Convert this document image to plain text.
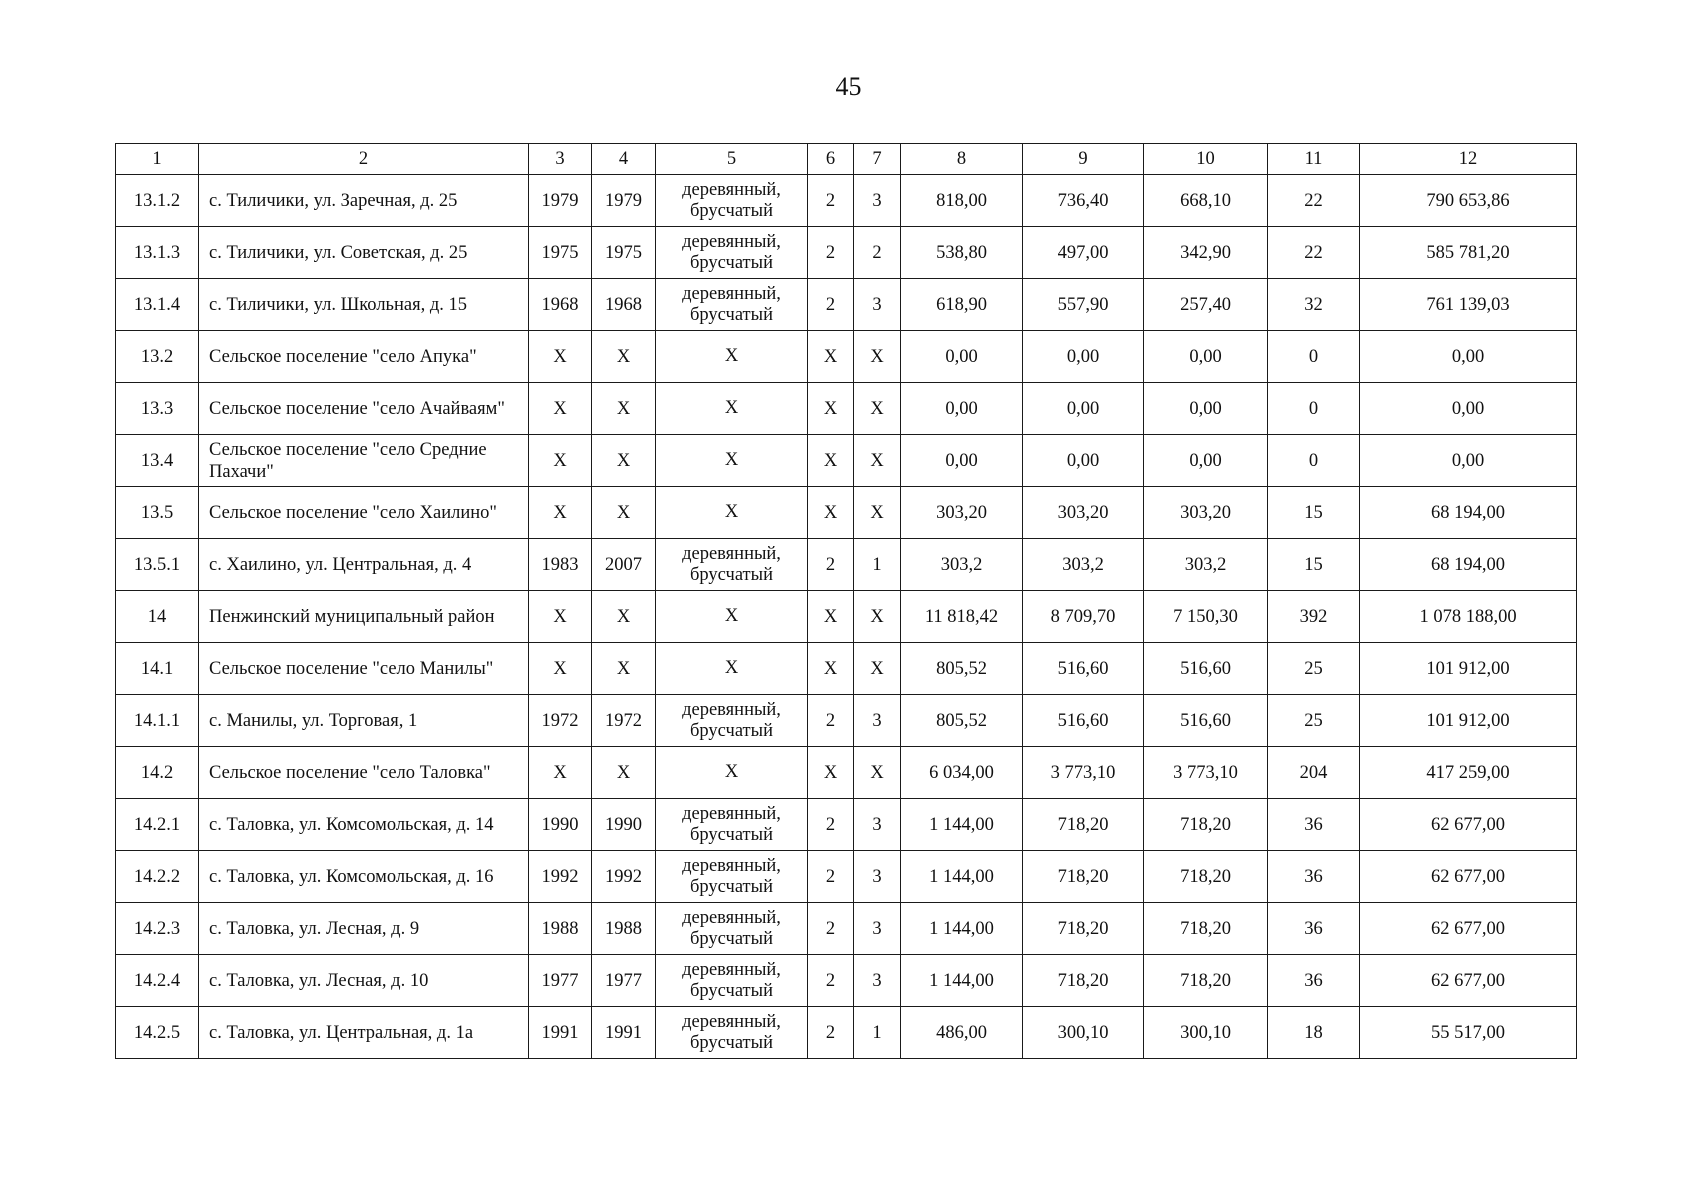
45
1	2	3	4	5	6	7	8	9	10	11	12
13.1.2	с. Тиличики, ул. Заречная, д. 25	1979	1979	деревянный, брусчатый	2	3	818,00	736,40	668,10	22	790 653,86
13.1.3	с. Тиличики, ул. Советская, д. 25	1975	1975	деревянный, брусчатый	2	2	538,80	497,00	342,90	22	585 781,20
13.1.4	с. Тиличики, ул. Школьная, д. 15	1968	1968	деревянный, брусчатый	2	3	618,90	557,90	257,40	32	761 139,03
13.2	Сельское поселение "село Апука"	X	X	X	X	X	0,00	0,00	0,00	0	0,00
13.3	Сельское поселение "село Ачайваям"	X	X	X	X	X	0,00	0,00	0,00	0	0,00
13.4	Сельское поселение "село Средние Пахачи"	X	X	X	X	X	0,00	0,00	0,00	0	0,00
13.5	Сельское поселение "село Хаилино"	X	X	X	X	X	303,20	303,20	303,20	15	68 194,00
13.5.1	с. Хаилино, ул. Центральная, д. 4	1983	2007	деревянный, брусчатый	2	1	303,2	303,2	303,2	15	68 194,00
14	Пенжинский муниципальный район	X	X	X	X	X	11 818,42	8 709,70	7 150,30	392	1 078 188,00
14.1	Сельское поселение "село Манилы"	X	X	X	X	X	805,52	516,60	516,60	25	101 912,00
14.1.1	с. Манилы, ул. Торговая, 1	1972	1972	деревянный, брусчатый	2	3	805,52	516,60	516,60	25	101 912,00
14.2	Сельское поселение "село Таловка"	X	X	X	X	X	6 034,00	3 773,10	3 773,10	204	417 259,00
14.2.1	с. Таловка, ул. Комсомольская, д. 14	1990	1990	деревянный, брусчатый	2	3	1 144,00	718,20	718,20	36	62 677,00
14.2.2	с. Таловка, ул. Комсомольская, д. 16	1992	1992	деревянный, брусчатый	2	3	1 144,00	718,20	718,20	36	62 677,00
14.2.3	с. Таловка, ул. Лесная, д. 9	1988	1988	деревянный, брусчатый	2	3	1 144,00	718,20	718,20	36	62 677,00
14.2.4	с. Таловка, ул. Лесная, д. 10	1977	1977	деревянный, брусчатый	2	3	1 144,00	718,20	718,20	36	62 677,00
14.2.5	с. Таловка, ул. Центральная, д. 1а	1991	1991	деревянный, брусчатый	2	1	486,00	300,10	300,10	18	55 517,00
